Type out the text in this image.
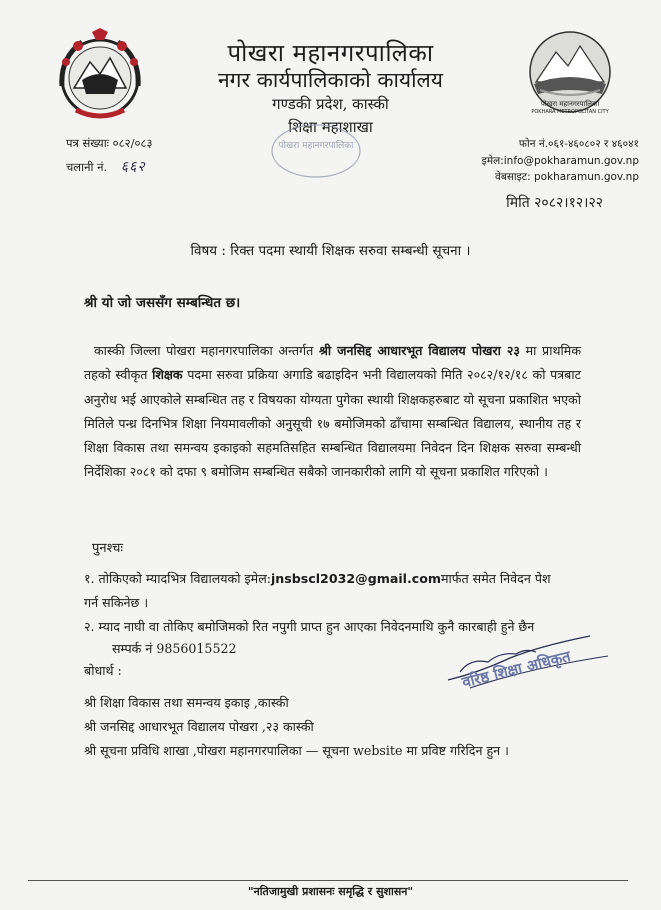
पोखरा महानगरपालिका
POKHARA METROPOLITAN CITY
पोखरा महानगरपालिका
नगर कार्यपालिकाको कार्यालय
गण्डकी प्रदेश, कास्की
शिक्षा महाशाखा
पोखरा महानगरपालिका
पत्र संख्याः ०८२/०८३
चलानी नं. ६६२
फोन नं.०६१-४६०८०२ र ४६०४१
इमेल:info@pokharamun.gov.np
वेबसाइट: pokharamun.gov.np
मिति २०८२।१२।२२
विषय : रिक्त पदमा स्थायी शिक्षक सरुवा सम्बन्धी सूचना ।
श्री यो जो जससँग सम्बन्धित छ।
कास्की जिल्ला पोखरा महानगरपालिका अन्तर्गत श्री जनसिद्द आधारभूत विद्यालय पोखरा २३ मा प्राथमिक तहको स्वीकृत शिक्षक पदमा सरुवा प्रक्रिया अगाडि बढाइदिन भनी विद्यालयको मिति २०८२/१२/१८ को पत्रबाट अनुरोध भई आएकोले सम्बन्धित तह र विषयका योग्यता पुगेका स्थायी शिक्षकहरुबाट यो सूचना प्रकाशित भएको मितिले पन्ध्र दिनभित्र शिक्षा नियमावलीको अनुसूची १७ बमोजिमको ढाँचामा सम्बन्धित विद्यालय, स्थानीय तह र शिक्षा विकास तथा समन्वय इकाइको सहमतिसहित सम्बन्धित विद्यालयमा निवेदन दिन शिक्षक सरुवा सम्बन्धी निर्देशिका २०८१ को दफा ९ बमोजिम सम्बन्धित सबैको जानकारीको लागि यो सूचना प्रकाशित गरिएको ।
पुनश्चः
१. तोकिएको म्यादभित्र विद्यालयको इमेल:jnsbscl2032@gmail.comमार्फत समेत निवेदन पेश
गर्न सकिनेछ ।
२. म्याद नाघी वा तोकिए बमोजिमको रित नपुगी प्राप्त हुन आएका निवेदनमाथि कुनै कारबाही हुने छैन
सम्पर्क नं 9856015522	वरिष्ठ शिक्षा अधिकृत
बोधार्थ :
श्री शिक्षा विकास तथा समन्वय इकाइ ,कास्की
श्री जनसिद्द आधारभूत विद्यालय पोखरा ,२३ कास्की
श्री सूचना प्रविधि शाखा ,पोखरा महानगरपालिका — सूचना website मा प्रविष्ट गरिदिन हुन ।
"नतिजामुखी प्रशासनः समृद्धि र सुशासन"
